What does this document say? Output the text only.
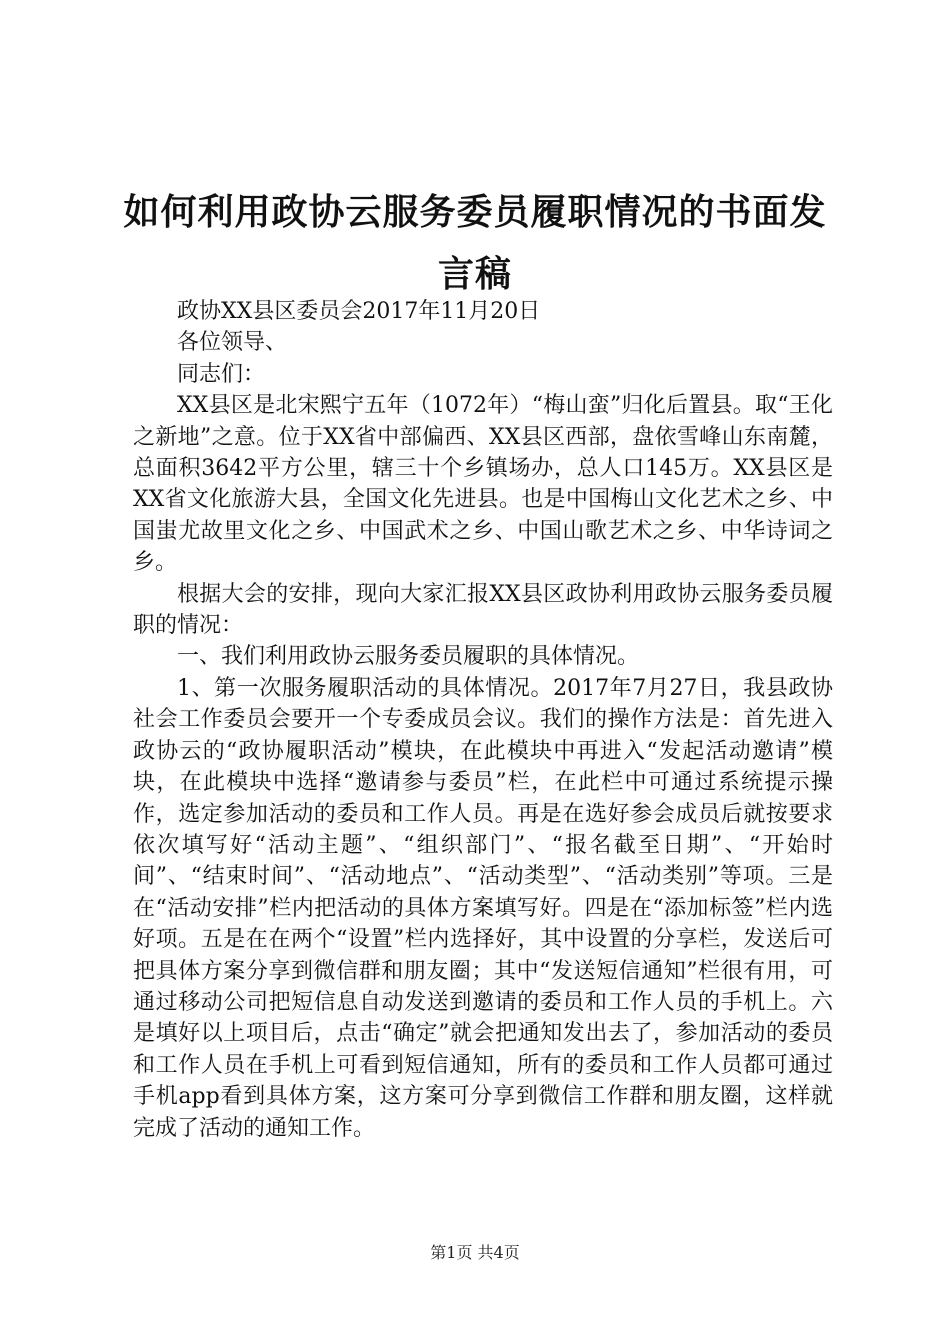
如何利用政协云服务委员履职情况的书面发言稿

政协XX县区委员会2017年11月20日

各位领导、

同志们：

XX县区是北宋熙宁五年（1072年）“梅山蛮”归化后置县。取“王化之新地”之意。位于XX省中部偏西、XX县区西部，盘依雪峰山东南麓，总面积3642平方公里，辖三十个乡镇场办，总人口145万。XX县区是XX省文化旅游大县，全国文化先进县。也是中国梅山文化艺术之乡、中国蚩尤故里文化之乡、中国武术之乡、中国山歌艺术之乡、中华诗词之乡。

根据大会的安排，现向大家汇报XX县区政协利用政协云服务委员履职的情况：

一、我们利用政协云服务委员履职的具体情况。

1、第一次服务履职活动的具体情况。2017年7月27日，我县政协社会工作委员会要开一个专委成员会议。我们的操作方法是：首先进入政协云的“政协履职活动”模块，在此模块中再进入“发起活动邀请”模块，在此模块中选择“邀请参与委员”栏，在此栏中可通过系统提示操作，选定参加活动的委员和工作人员。再是在选好参会成员后就按要求依次填写好“活动主题”、“组织部门”、“报名截至日期”、“开始时间”、“结束时间”、“活动地点”、“活动类型”、“活动类别”等项。三是在“活动安排”栏内把活动的具体方案填写好。四是在“添加标签”栏内选好项。五是在在两个“设置”栏内选择好，其中设置的分享栏，发送后可把具体方案分享到微信群和朋友圈；其中“发送短信通知”栏很有用，可通过移动公司把短信息自动发送到邀请的委员和工作人员的手机上。六是填好以上项目后，点击“确定”就会把通知发出去了，参加活动的委员和工作人员在手机上可看到短信通知，所有的委员和工作人员都可通过手机app看到具体方案，这方案可分享到微信工作群和朋友圈，这样就完成了活动的通知工作。

第1页 共4页
